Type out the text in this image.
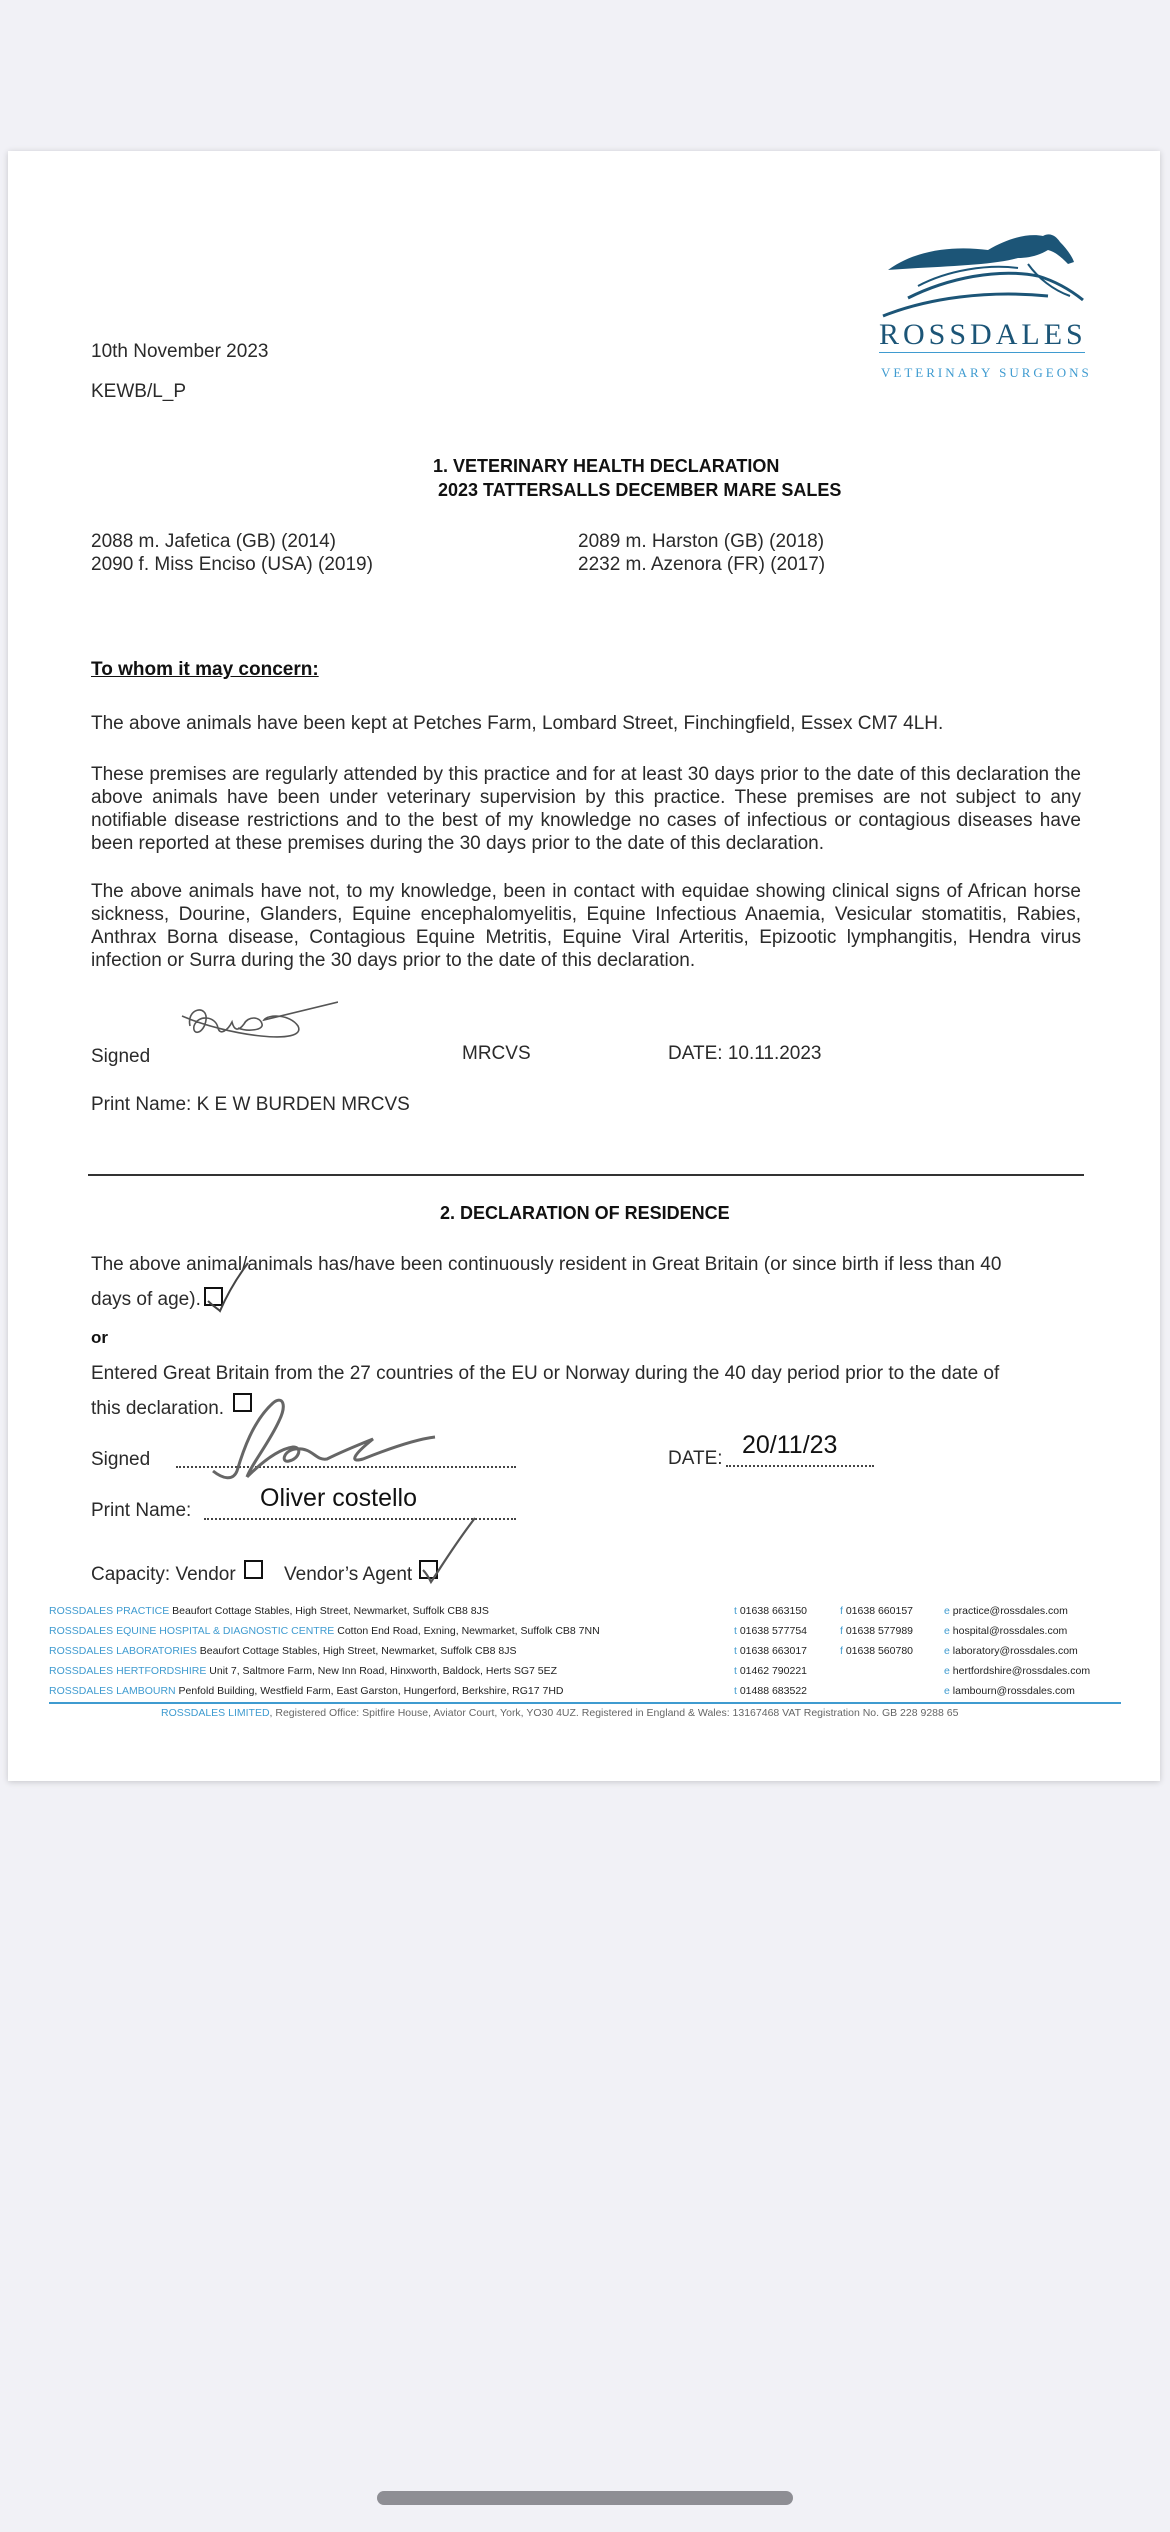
ROSSDALES
VETERINARY SURGEONS
10th November 2023
KEWB/L_P
1. VETERINARY HEALTH DECLARATION
2023 TATTERSALLS DECEMBER MARE SALES
2088 m. Jafetica (GB) (2014)	2089 m. Harston (GB) (2018)
2090 f. Miss Enciso (USA) (2019)	2232 m. Azenora (FR) (2017)
To whom it may concern:
The above animals have been kept at Petches Farm, Lombard Street, Finchingfield, Essex CM7 4LH.
These premises are regularly attended by this practice and for at least 30 days prior to the date of this declaration the above animals have been under veterinary supervision by this practice. These premises are not subject to any notifiable disease restrictions and to the best of my knowledge no cases of infectious or contagious diseases have been reported at these premises during the 30 days prior to the date of this declaration.
The above animals have not, to my knowledge, been in contact with equidae showing clinical signs of African horse sickness, Dourine, Glanders, Equine encephalomyelitis, Equine Infectious Anaemia, Vesicular stomatitis, Rabies, Anthrax Borna disease, Contagious Equine Metritis, Equine Viral Arteritis, Epizootic lymphangitis, Hendra virus infection or Surra during the 30 days prior to the date of this declaration.
Signed	MRCVS	DATE: 10.11.2023
Print Name: K E W BURDEN MRCVS
2. DECLARATION OF RESIDENCE
The above animal/animals has/have been continuously resident in Great Britain (or since birth if less than 40
days of age).
or
Entered Great Britain from the 27 countries of the EU or Norway during the 40 day period prior to the date of
this declaration.
Signed	DATE: 20/11/23
Print Name:	Oliver costello
Capacity: Vendor	Vendor’s Agent
ROSSDALES PRACTICE Beaufort Cottage Stables, High Street, Newmarket, Suffolk CB8 8JS	t 01638 663150	f 01638 660157	e practice@rossdales.com
ROSSDALES EQUINE HOSPITAL & DIAGNOSTIC CENTRE Cotton End Road, Exning, Newmarket, Suffolk CB8 7NN	t 01638 577754	f 01638 577989	e hospital@rossdales.com
ROSSDALES LABORATORIES Beaufort Cottage Stables, High Street, Newmarket, Suffolk CB8 8JS	t 01638 663017	f 01638 560780	e laboratory@rossdales.com
ROSSDALES HERTFORDSHIRE Unit 7, Saltmore Farm, New Inn Road, Hinxworth, Baldock, Herts SG7 5EZ	t 01462 790221	e hertfordshire@rossdales.com
ROSSDALES LAMBOURN Penfold Building, Westfield Farm, East Garston, Hungerford, Berkshire, RG17 7HD	t 01488 683522	e lambourn@rossdales.com
ROSSDALES LIMITED, Registered Office: Spitfire House, Aviator Court, York, YO30 4UZ. Registered in England & Wales: 13167468 VAT Registration No. GB 228 9288 65
